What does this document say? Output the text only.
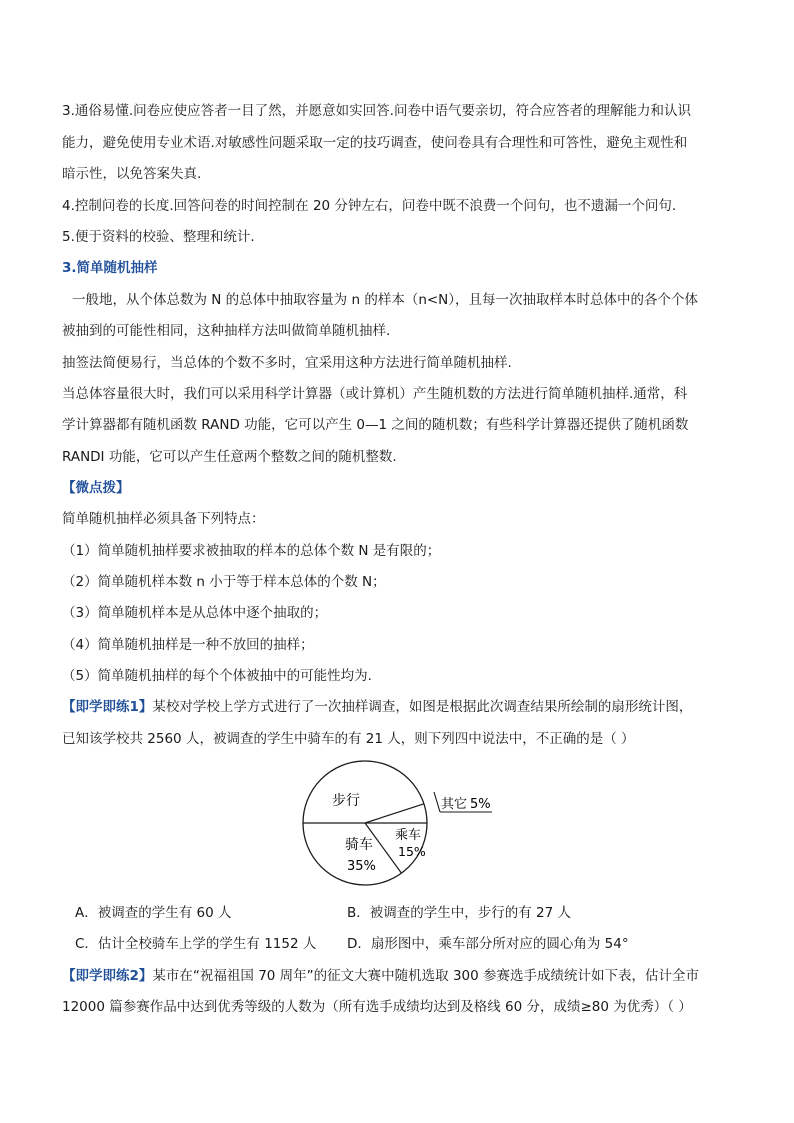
3.通俗易懂.问卷应使应答者一目了然，并愿意如实回答.问卷中语气要亲切，符合应答者的理解能力和认识
能力，避免使用专业术语.对敏感性问题采取一定的技巧调查，使问卷具有合理性和可答性，避免主观性和
暗示性，以免答案失真.
4.控制问卷的长度.回答问卷的时间控制在 20 分钟左右，问卷中既不浪费一个问句，也不遗漏一个问句.
5.便于资料的校验、整理和统计.
3.简单随机抽样
一般地，从个体总数为 N 的总体中抽取容量为 n 的样本（n<N），且每一次抽取样本时总体中的各个个体
被抽到的可能性相同，这种抽样方法叫做简单随机抽样.
抽签法简便易行，当总体的个数不多时，宜采用这种方法进行简单随机抽样.
当总体容量很大时，我们可以采用科学计算器（或计算机）产生随机数的方法进行简单随机抽样.通常，科
学计算器都有随机函数 RAND 功能，它可以产生 0—1 之间的随机数；有些科学计算器还提供了随机函数
RANDI 功能，它可以产生任意两个整数之间的随机整数.
【微点拨】
简单随机抽样必须具备下列特点：
（1）简单随机抽样要求被抽取的样本的总体个数 N 是有限的；
（2）简单随机样本数 n 小于等于样本总体的个数 N；
（3）简单随机样本是从总体中逐个抽取的；
（4）简单随机抽样是一种不放回的抽样；
（5）简单随机抽样的每个个体被抽中的可能性均为.
【即学即练1】某校对学校上学方式进行了一次抽样调查，如图是根据此次调查结果所绘制的扇形统计图，
已知该学校共 2560 人，被调查的学生中骑车的有 21 人，则下列四中说法中，不正确的是（ ）
步行	其它 5%
乘车
15%
骑车
35%
A．被调查的学生有 60 人	B．被调查的学生中，步行的有 27 人
C．估计全校骑车上学的学生有 1152 人 D．扇形图中，乘车部分所对应的圆心角为 54°
【即学即练2】某市在“祝福祖国 70 周年”的征文大赛中随机选取 300 参赛选手成绩统计如下表，估计全市
12000 篇参赛作品中达到优秀等级的人数为（所有选手成绩均达到及格线 60 分，成绩≥80 为优秀）（ ）
